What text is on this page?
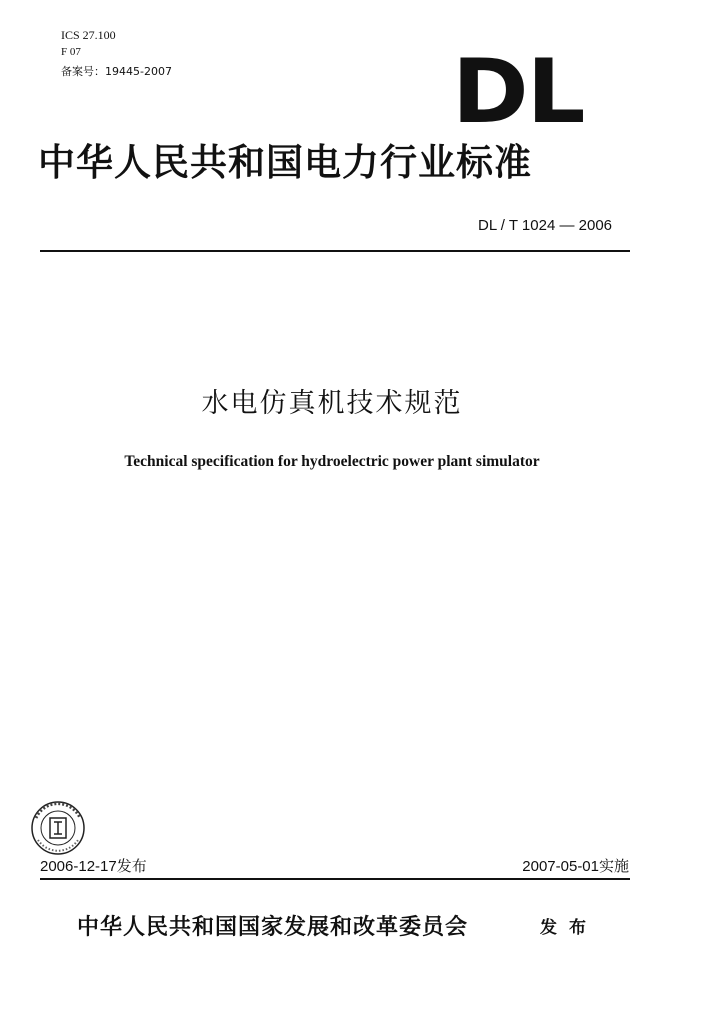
ICS 27.100
F 07
备案号：19445-2007	DL
中华人民共和国电力行业标准
DL / T 1024 — 2006
水电仿真机技术规范
Technical specification for hydroelectric power plant simulator
2006-12-17发布	2007-05-01实施
中华人民共和国国家发展和改革委员会	发布
